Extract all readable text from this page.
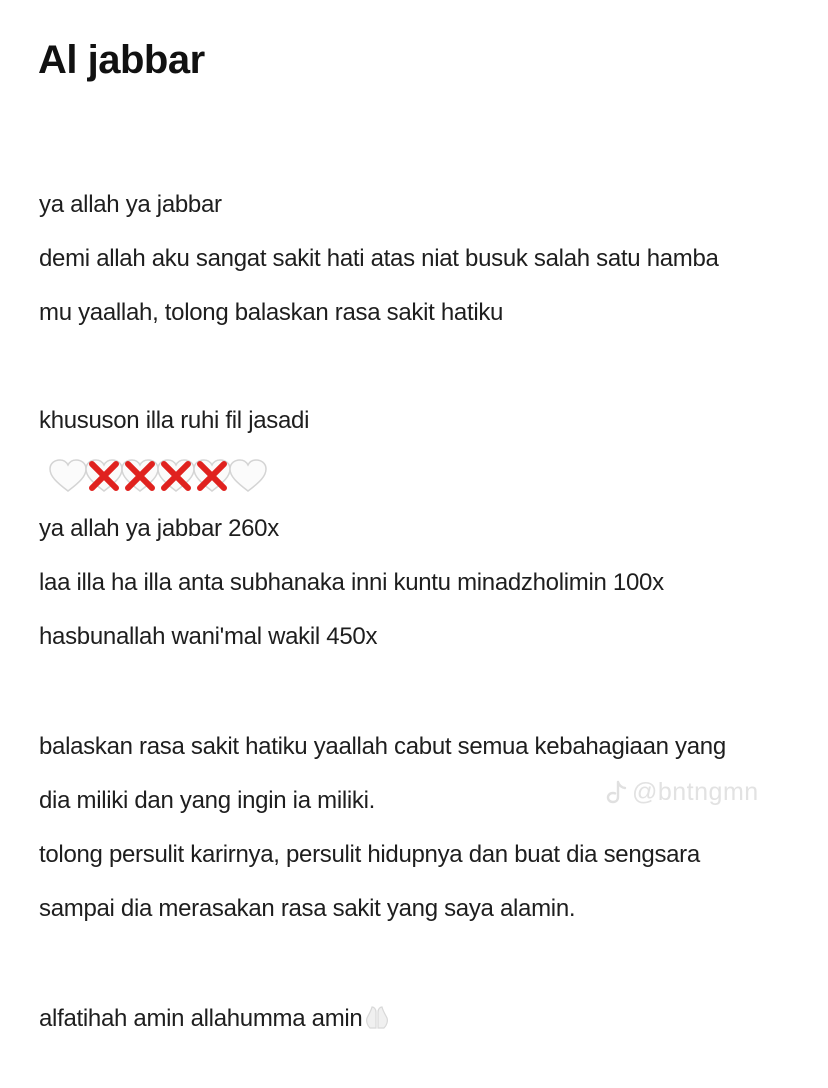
Al jabbar
ya allah ya jabbar
demi allah aku sangat sakit hati atas niat busuk salah satu hamba
mu yaallah, tolong balaskan rasa sakit hatiku
khususon illa ruhi fil jasadi
ya allah ya jabbar 260x
laa illa ha illa anta subhanaka inni kuntu minadzholimin 100x
hasbunallah wani'mal wakil 450x
balaskan rasa sakit hatiku yaallah cabut semua kebahagiaan yang
dia miliki dan yang ingin ia miliki.
tolong persulit karirnya, persulit hidupnya dan buat dia sengsara
sampai dia merasakan rasa sakit yang saya alamin.
alfatihah amin allahumma amin
@bntngmn
